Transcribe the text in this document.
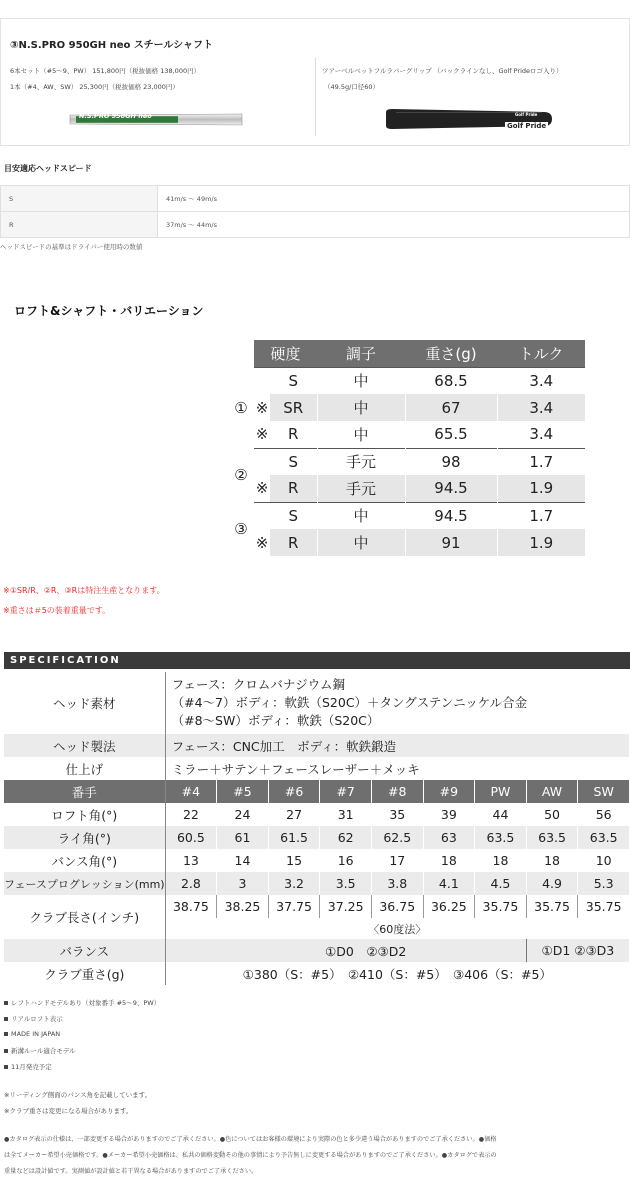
③N.S.PRO 950GH neo スチールシャフト
6本セット（#5～9、PW） 151,800円（税抜価格 138,000円）
1本（#4、AW、SW） 25,300円（税抜価格 23,000円）
N.S.PRO 950GH neo
ツアーベルベットフルラバーグリップ （バックラインなし、Golf Prideロゴ入り）
（49.5g/口径60）
Golf Pride
Golf Pride
目安適応ヘッドスピード
S	41m/s ～ 49m/s
R	37m/s ～ 44m/s
ヘッドスピードの基準はドライバー使用時の数値
ロフト&シャフト・バリエーション
	硬度		調子	重さ(g)	トルク
①		S	中	68.5	3.4
	※	SR	中	67	3.4
	※	R	中	65.5	3.4
②		S	手元	98	1.7
	※	R	手元	94.5	1.9
③		S	中	94.5	1.7
	※	R	中	91	1.9
※①SR/R、②R、③Rは特注生産となります。
※重さは＃5の装着重量です。
SPECIFICATION
ヘッド素材	フェース：クロムバナジウム鋼
（#4～7）ボディ：軟鉄（S20C）＋タングステンニッケル合金
（#8～SW）ボディ：軟鉄（S20C）								

ヘッド製法	フェース：CNC加工　ボディ：軟鉄鍛造								
仕上げ	ミラー＋サテン＋フェースレーザー＋メッキ								
番手	#4	#5	#6	#7	#8	#9	PW	AW	SW
ロフト角(°)	22	24	27	31	35	39	44	50	56
ライ角(°)	60.5	61	61.5	62	62.5	63	63.5	63.5	63.5
バンス角(°)	13	14	15	16	17	18	18	18	10
フェースプログレッション(mm)	2.8	3	3.2	3.5	3.8	4.1	4.5	4.9	5.3
クラブ長さ(インチ)	38.75	38.25	37.75	37.25	36.75	36.25	35.75	35.75	35.75
	〈60度法〉								
バランス	①D0　②③D2							①D1 ②③D3	
クラブ重さ(g)	①380（S：#5）　②410（S：#5）　③406（S：#5）								
レフトハンドモデルあり（対象番手 #5～9、PW）
リアルロフト表示
MADE IN JAPAN
新溝ルール適合モデル
11月発売予定
※リーディング側面のバンス角を記載しています。
※クラブ重さは変更になる場合があります。
●カタログ表示の仕様は、一部変更する場合がありますのでご了承ください。●色についてはお客様の環境により実際の色と多少違う場合がありますのでご了承ください。●価格
は全てメーカー希望小売価格です。●メーカー希望小売価格は、私共の価格変動その他の事情により予告無しに変更する場合がありますのでご了承ください。●カタログで表示の
重量などは設計値です。実測値が設計値と若干異なる場合がありますのでご了承ください。
